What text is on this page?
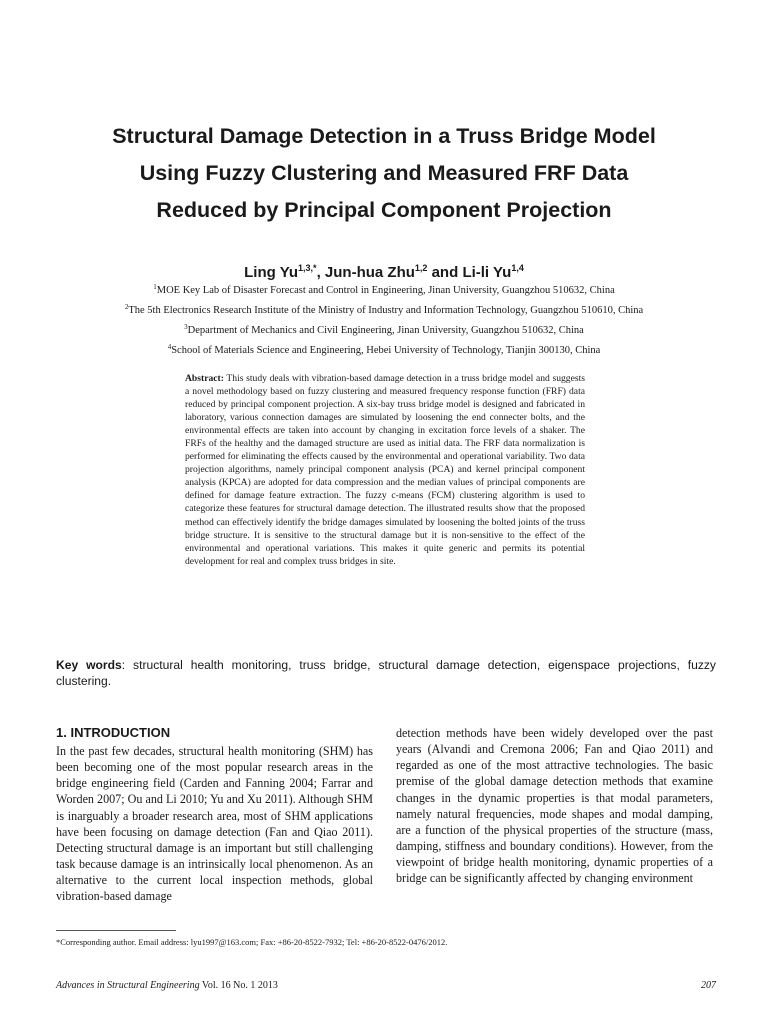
Structural Damage Detection in a Truss Bridge Model
Using Fuzzy Clustering and Measured FRF Data
Reduced by Principal Component Projection
Ling $Yu^{1,3,*}$, Jun-hua Zhu$^{1,2}$ and Li-li Yu$^{1,4}$
$^1$MOE Key Lab of Disaster Forecast and Control in Engineering, Jinan University, Guangzhou 510632, China
$^2$The 5th Electronics Research Institute of the Ministry of Industry and Information Technology, Guangzhou 510610, China
$^3$Department of Mechanics and Civil Engineering, Jinan University, Guangzhou 510632, China
$^4$School of Materials Science and Engineering, Hebei University of Technology, Tianjin 300130, China
Abstract: This study deals with vibration-based damage detection in a truss bridge model and suggests a novel methodology based on fuzzy clustering and measured frequency response function (FRF) data reduced by principal component projection. A six-bay truss bridge model is designed and fabricated in laboratory, various connection damages are simulated by loosening the end connecter bolts, and the environmental effects are taken into account by changing in excitation force levels of a shaker. The FRFs of the healthy and the damaged structure are used as initial data. The FRF data normalization is performed for eliminating the effects caused by the environmental and operational variability. Two data projection algorithms, namely principal component analysis (PCA) and kernel principal component analysis (KPCA) are adopted for data compression and the median values of principal components are defined for damage feature extraction. The fuzzy c-means (FCM) clustering algorithm is used to categorize these features for structural damage detection. The illustrated results show that the proposed method can effectively identify the bridge damages simulated by loosening the bolted joints of the truss bridge structure. It is sensitive to the structural damage but it is non-sensitive to the effect of the environmental and operational variations. This makes it quite generic and permits its potential development for real and complex truss bridges in site.
Key words: structural health monitoring, truss bridge, structural damage detection, eigenspace projections, fuzzy clustering.
1. INTRODUCTION

In the past few decades, structural health monitoring (SHM) has been becoming one of the most popular research areas in the bridge engineering field (Carden and Fanning 2004; Farrar and Worden 2007; Ou and Li 2010; Yu and Xu 2011). Although SHM is inarguably a broader research area, most of SHM applications have been focusing on damage detection (Fan and Qiao 2011). Detecting structural damage is an important but still challenging task because damage is an intrinsically local phenomenon. As an alternative to the current local inspection methods, global vibration-based damage

detection methods have been widely developed over the past years (Alvandi and Cremona 2006; Fan and Qiao 2011) and regarded as one of the most attractive technologies. The basic premise of the global damage detection methods that examine changes in the dynamic properties is that modal parameters, namely natural frequencies, mode shapes and modal damping, are a function of the physical properties of the structure (mass, damping, stiffness and boundary conditions). However, from the viewpoint of bridge health monitoring, dynamic properties of a bridge can be significantly affected by changing environment

*Corresponding author. Email address: lyu1997@163.com; Fax: +86-20-8522-7932; Tel: +86-20-8522-0476/2012.
Advances in Structural Engineering Vol. 16 No. 1 2013	207
